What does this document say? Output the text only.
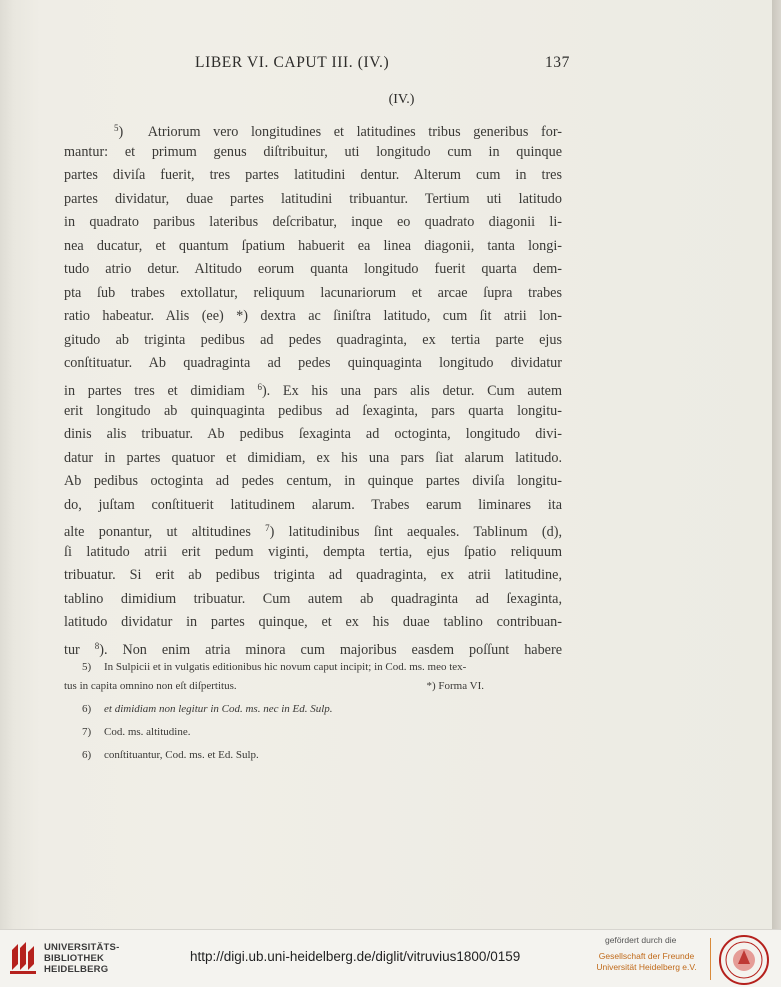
LIBER VI. CAPUT III. (IV.)	137
(IV.)
$^5$)  Atriorum vero longitudines et latitudines tribus generibus for-
mantur: et primum genus diſtribuitur, uti longitudo cum in quinque
partes diviſa fuerit, tres partes latitudini dentur. Alterum cum in tres
partes dividatur, duae partes latitudini tribuantur. Tertium uti latitudo
in quadrato paribus lateribus deſcribatur, inque eo quadrato diagonii li-
nea ducatur, et quantum ſpatium habuerit ea linea diagonii, tanta longi-
tudo atrio detur. Altitudo eorum quanta longitudo fuerit quarta dem-
pta ſub trabes extollatur, reliquum lacunariorum et arcae ſupra trabes
ratio habeatur. Alis (ee) *) dextra ac ſiniſtra latitudo, cum ſit atrii lon-
gitudo ab triginta pedibus ad pedes quadraginta, ex tertia parte ejus
conſtituatur. Ab quadraginta ad pedes quinquaginta longitudo dividatur
in partes tres et dimidiam $^6$). Ex his una pars alis detur. Cum autem
erit longitudo ab quinquaginta pedibus ad ſexaginta, pars quarta longitu-
dinis alis tribuatur. Ab pedibus ſexaginta ad octoginta, longitudo divi-
datur in partes quatuor et dimidiam, ex his una pars ſiat alarum latitudo.
Ab pedibus octoginta ad pedes centum, in quinque partes diviſa longitu-
do, juſtam conſtituerit latitudinem alarum. Trabes earum liminares ita
alte ponantur, ut altitudines $^7$) latitudinibus ſint aequales. Tablinum (d),
ſi latitudo atrii erit pedum viginti, dempta tertia, ejus ſpatio reliquum
tribuatur. Si erit ab pedibus triginta ad quadraginta, ex atrii latitudine,
tablino dimidium tribuatur. Cum autem ab quadraginta ad ſexaginta,
latitudo dividatur in partes quinque, et ex his duae tablino contribuan-
tur $^8$). Non enim atria minora cum majoribus easdem poſſunt habere
5) In Sulpicii et in vulgatis editionibus hic novum caput incipit; in Cod. ms. meo tex-
tus in capita omnino non eſt diſpertitus.	*) Forma VI.
6) et dimidiam non legitur in Cod. ms. nec in Ed. Sulp.
7) Cod. ms. altitudine.
6) conſtituantur, Cod. ms. et Ed. Sulp.
UNIVERSITÄTS-
BIBLIOTHEK
HEIDELBERG
http://digi.ub.uni-heidelberg.de/diglit/vitruvius1800/0159
gefördert durch die
Gesellschaft der Freunde
Universität Heidelberg e.V.
